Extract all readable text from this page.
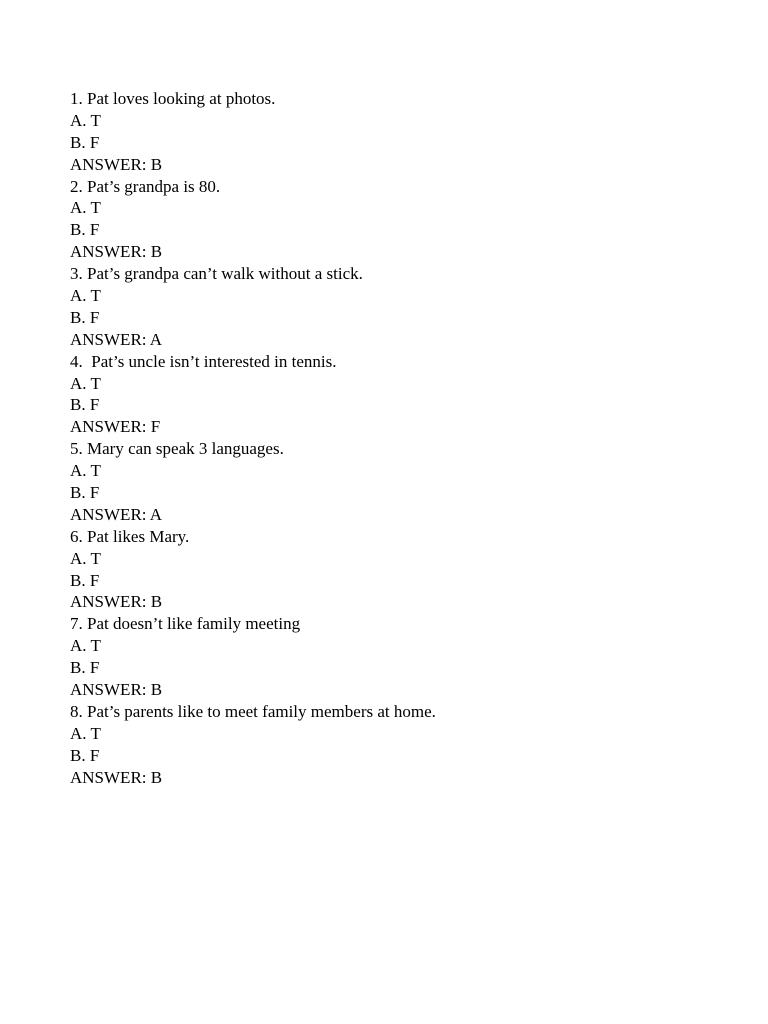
1. Pat loves looking at photos.
A. T
B. F
ANSWER: B
2. Pat’s grandpa is 80.
A. T
B. F
ANSWER: B
3. Pat’s grandpa can’t walk without a stick.
A. T
B. F
ANSWER: A
4.  Pat’s uncle isn’t interested in tennis.
A. T
B. F
ANSWER: F
5. Mary can speak 3 languages.
A. T
B. F
ANSWER: A
6. Pat likes Mary.
A. T
B. F
ANSWER: B
7. Pat doesn’t like family meeting
A. T
B. F
ANSWER: B
8. Pat’s parents like to meet family members at home.
A. T
B. F
ANSWER: B
